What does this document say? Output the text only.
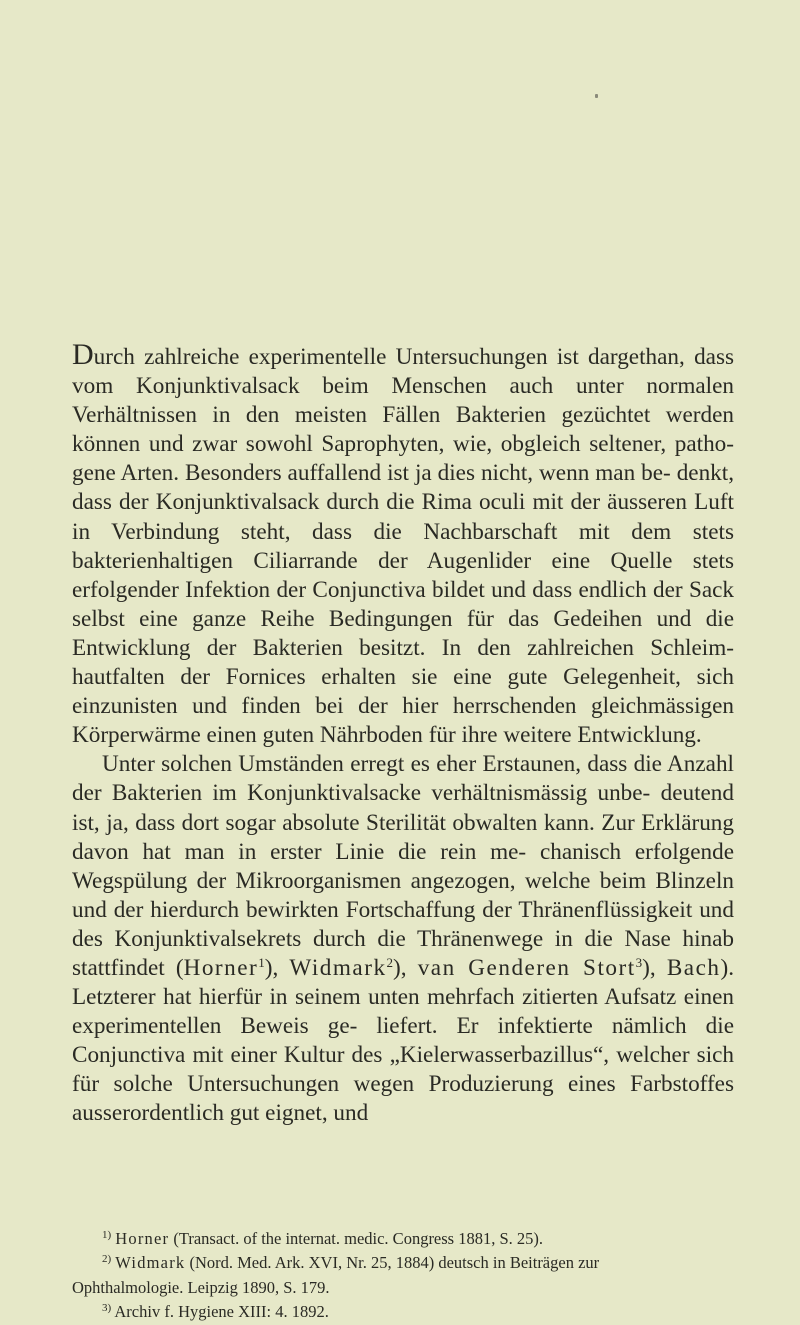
Durch zahlreiche experimentelle Untersuchungen ist dargethan, dass vom Konjunktivalsack beim Menschen auch unter normalen Verhältnissen in den meisten Fällen Bakterien gezüchtet werden können und zwar sowohl Saprophyten, wie, obgleich seltener, patho- gene Arten. Besonders auffallend ist ja dies nicht, wenn man be- denkt, dass der Konjunktivalsack durch die Rima oculi mit der äusseren Luft in Verbindung steht, dass die Nachbarschaft mit dem stets bakterienhaltigen Ciliarrande der Augenlider eine Quelle stets erfolgender Infektion der Conjunctiva bildet und dass endlich der Sack selbst eine ganze Reihe Bedingungen für das Gedeihen und die Entwicklung der Bakterien besitzt. In den zahlreichen Schleim- hautfalten der Fornices erhalten sie eine gute Gelegenheit, sich einzunisten und finden bei der hier herrschenden gleichmässigen Körperwärme einen guten Nährboden für ihre weitere Entwicklung.

Unter solchen Umständen erregt es eher Erstaunen, dass die Anzahl der Bakterien im Konjunktivalsacke verhältnismässig unbe- deutend ist, ja, dass dort sogar absolute Sterilität obwalten kann. Zur Erklärung davon hat man in erster Linie die rein me- chanisch erfolgende Wegspülung der Mikroorganismen angezogen, welche beim Blinzeln und der hierdurch bewirkten Fortschaffung der Thränenflüssigkeit und des Konjunktivalsekrets durch die Thränenwege in die Nase hinab stattfindet (Horner$^1$), Widmark$^2$), van Genderen Stort$^3$), Bach). Letzterer hat hierfür in seinem unten mehrfach zitierten Aufsatz einen experimentellen Beweis ge- liefert. Er infektierte nämlich die Conjunctiva mit einer Kultur des „Kielerwasserbazillus“, welcher sich für solche Untersuchungen wegen Produzierung eines Farbstoffes ausserordentlich gut eignet, und

$^{1)}$ Horner (Transact. of the internat. medic. Congress 1881, S. 25).
$^{2)}$ Widmark (Nord. Med. Ark. XVI, Nr. 25, 1884) deutsch in Beiträgen zur
Ophthalmologie. Leipzig 1890, S. 179.
$^{3)}$ Archiv f. Hygiene XIII: 4. 1892.
